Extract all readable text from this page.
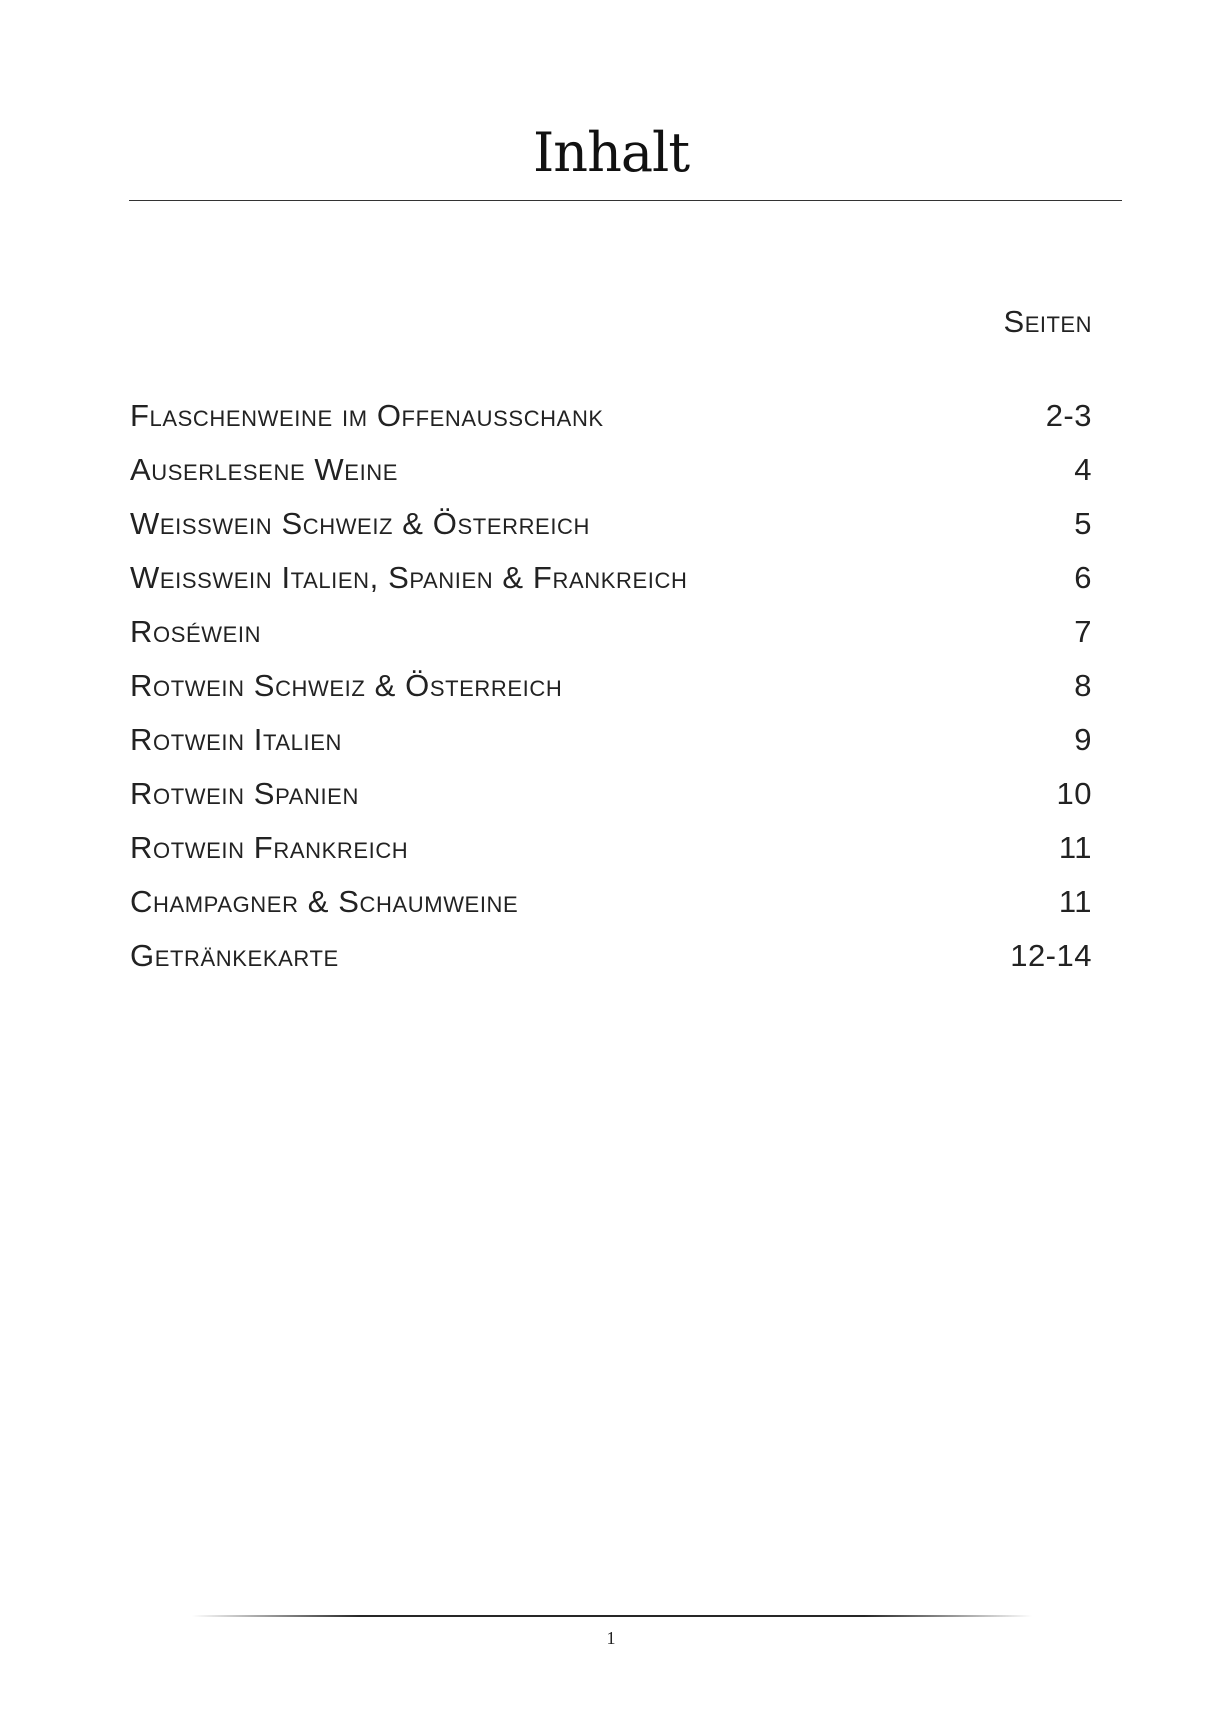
Inhalt
Seiten
Flaschenweine im Offenausschank	2-3
Auserlesene Weine	4
Weisswein Schweiz & Österreich	5
Weisswein Italien, Spanien & Frankreich	6
Roséwein	7
Rotwein Schweiz & Österreich	8
Rotwein Italien	9
Rotwein Spanien	10
Rotwein Frankreich	11
Champagner & Schaumweine	11
Getränkekarte	12-14
1
